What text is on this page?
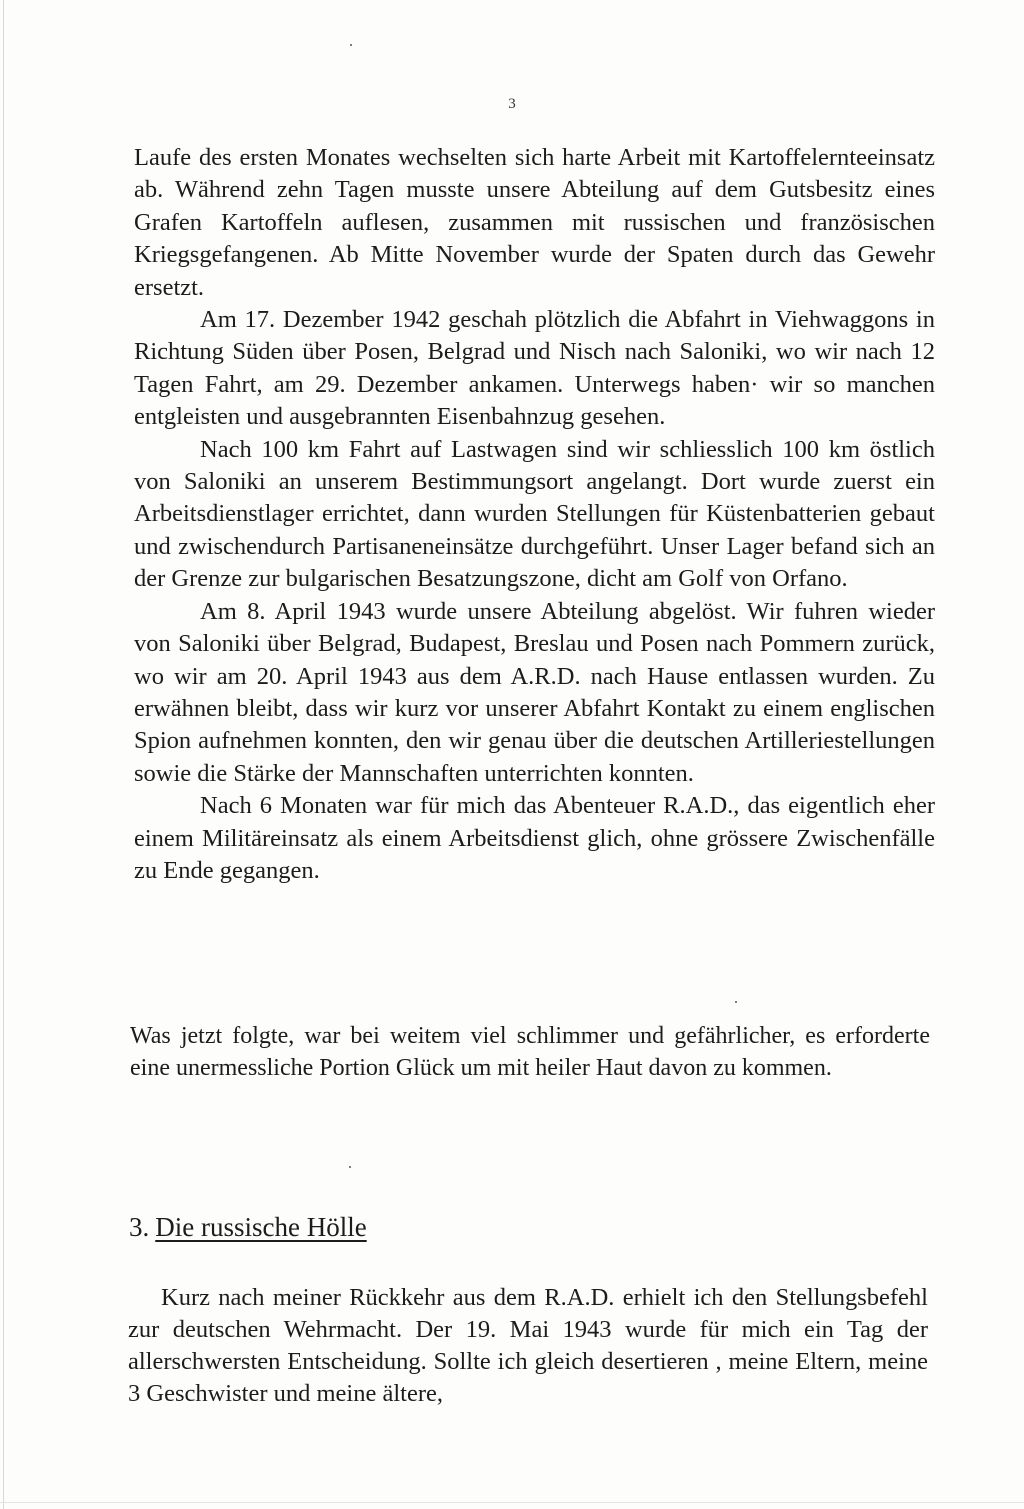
3

Laufe des ersten Monates wechselten sich harte Arbeit mit Kartoffelernteeinsatz ab. Während zehn Tagen musste unsere Abteilung auf dem Gutsbesitz eines Grafen Kartoffeln auflesen, zusammen mit russischen und französischen Kriegsgefangenen. Ab Mitte November wurde der Spaten durch das Gewehr ersetzt.

Am 17. Dezember 1942 geschah plötzlich die Abfahrt in Viehwaggons in Richtung Süden über Posen, Belgrad und Nisch nach Saloniki, wo wir nach 12 Tagen Fahrt, am 29. Dezember ankamen. Unterwegs haben· wir so manchen entgleisten und ausgebrannten Eisenbahnzug gesehen.

Nach 100 km Fahrt auf Lastwagen sind wir schliesslich 100 km östlich von Saloniki an unserem Bestimmungsort angelangt. Dort wurde zuerst ein Arbeitsdienstlager errichtet, dann wurden Stellungen für Küstenbatterien gebaut und zwischendurch Partisaneneinsätze durchgeführt. Unser Lager befand sich an der Grenze zur bulgarischen Besatzungszone, dicht am Golf von Orfano.

Am 8. April 1943 wurde unsere Abteilung abgelöst. Wir fuhren wieder von Saloniki über Belgrad, Budapest, Breslau und Posen nach Pommern zurück, wo wir am 20. April 1943 aus dem A.R.D. nach Hause entlassen wurden. Zu erwähnen bleibt, dass wir kurz vor unserer Abfahrt Kontakt zu einem englischen Spion aufnehmen konnten, den wir genau über die deutschen Artilleriestellungen sowie die Stärke der Mannschaften unterrichten konnten.

Nach 6 Monaten war für mich das Abenteuer R.A.D., das eigentlich eher einem Militäreinsatz als einem Arbeitsdienst glich, ohne grössere Zwischenfälle zu Ende gegangen.

Was jetzt folgte, war bei weitem viel schlimmer und gefährlicher, es erforderte eine unermessliche Portion Glück um mit heiler Haut davon zu kommen.

3. Die russische Hölle

Kurz nach meiner Rückkehr aus dem R.A.D. erhielt ich den Stellungsbefehl zur deutschen Wehrmacht. Der 19. Mai 1943 wurde für mich ein Tag der allerschwersten Entscheidung. Sollte ich gleich desertieren , meine Eltern, meine 3 Geschwister und meine ältere,
